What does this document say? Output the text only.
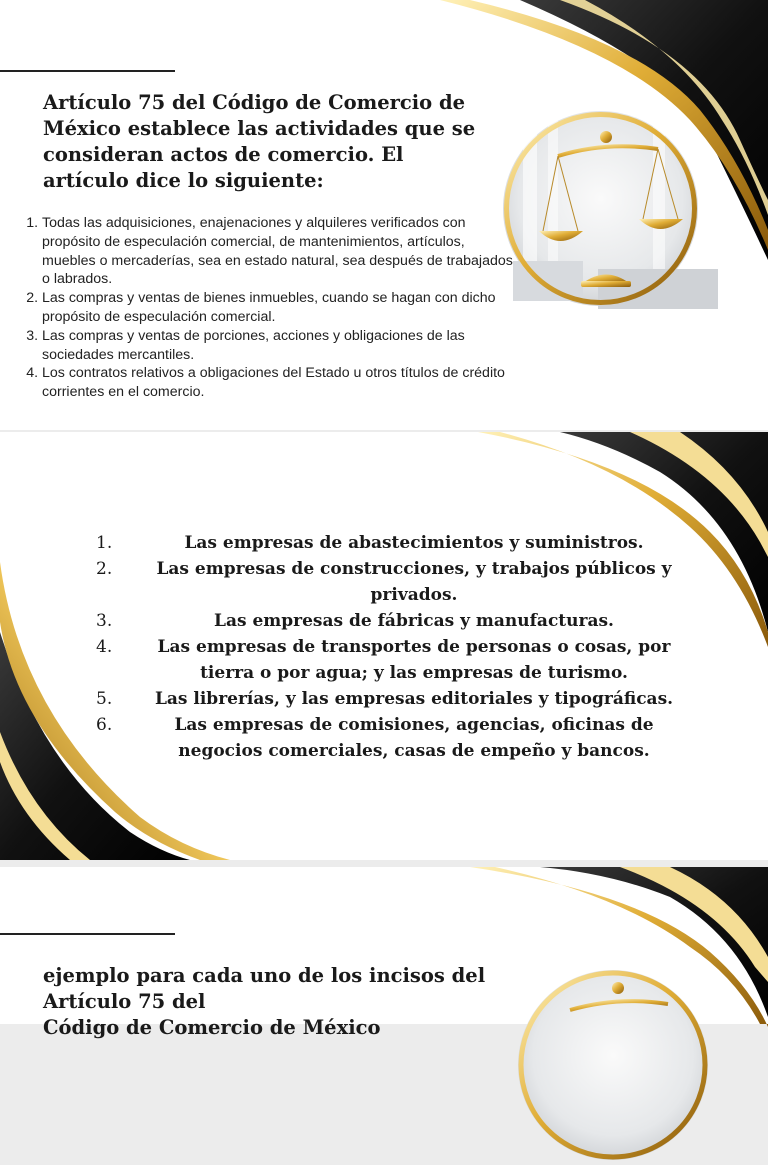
Artículo 75 del Código de Comercio de México establece las actividades que se consideran actos de comercio. El artículo dice lo siguiente:
1. Todas las adquisiciones, enajenaciones y alquileres verificados con propósito de especulación comercial, de mantenimientos, artículos, muebles o mercaderías, sea en estado natural, sea después de trabajados o labrados.
2. Las compras y ventas de bienes inmuebles, cuando se hagan con dicho propósito de especulación comercial.
3. Las compras y ventas de porciones, acciones y obligaciones de las sociedades mercantiles.
4. Los contratos relativos a obligaciones del Estado u otros títulos de crédito corrientes en el comercio.
1.	Las empresas de abastecimientos y suministros.
2.	Las empresas de construcciones, y trabajos públicos y privados.
3.	Las empresas de fábricas y manufacturas.
4.	Las empresas de transportes de personas o cosas, por tierra o por agua; y las empresas de turismo.
5.	Las librerías, y las empresas editoriales y tipográficas.
6.	Las empresas de comisiones, agencias, oficinas de negocios comerciales, casas de empeño y bancos.
ejemplo para cada uno de los incisos del
Artículo 75 del
Código de Comercio de México
